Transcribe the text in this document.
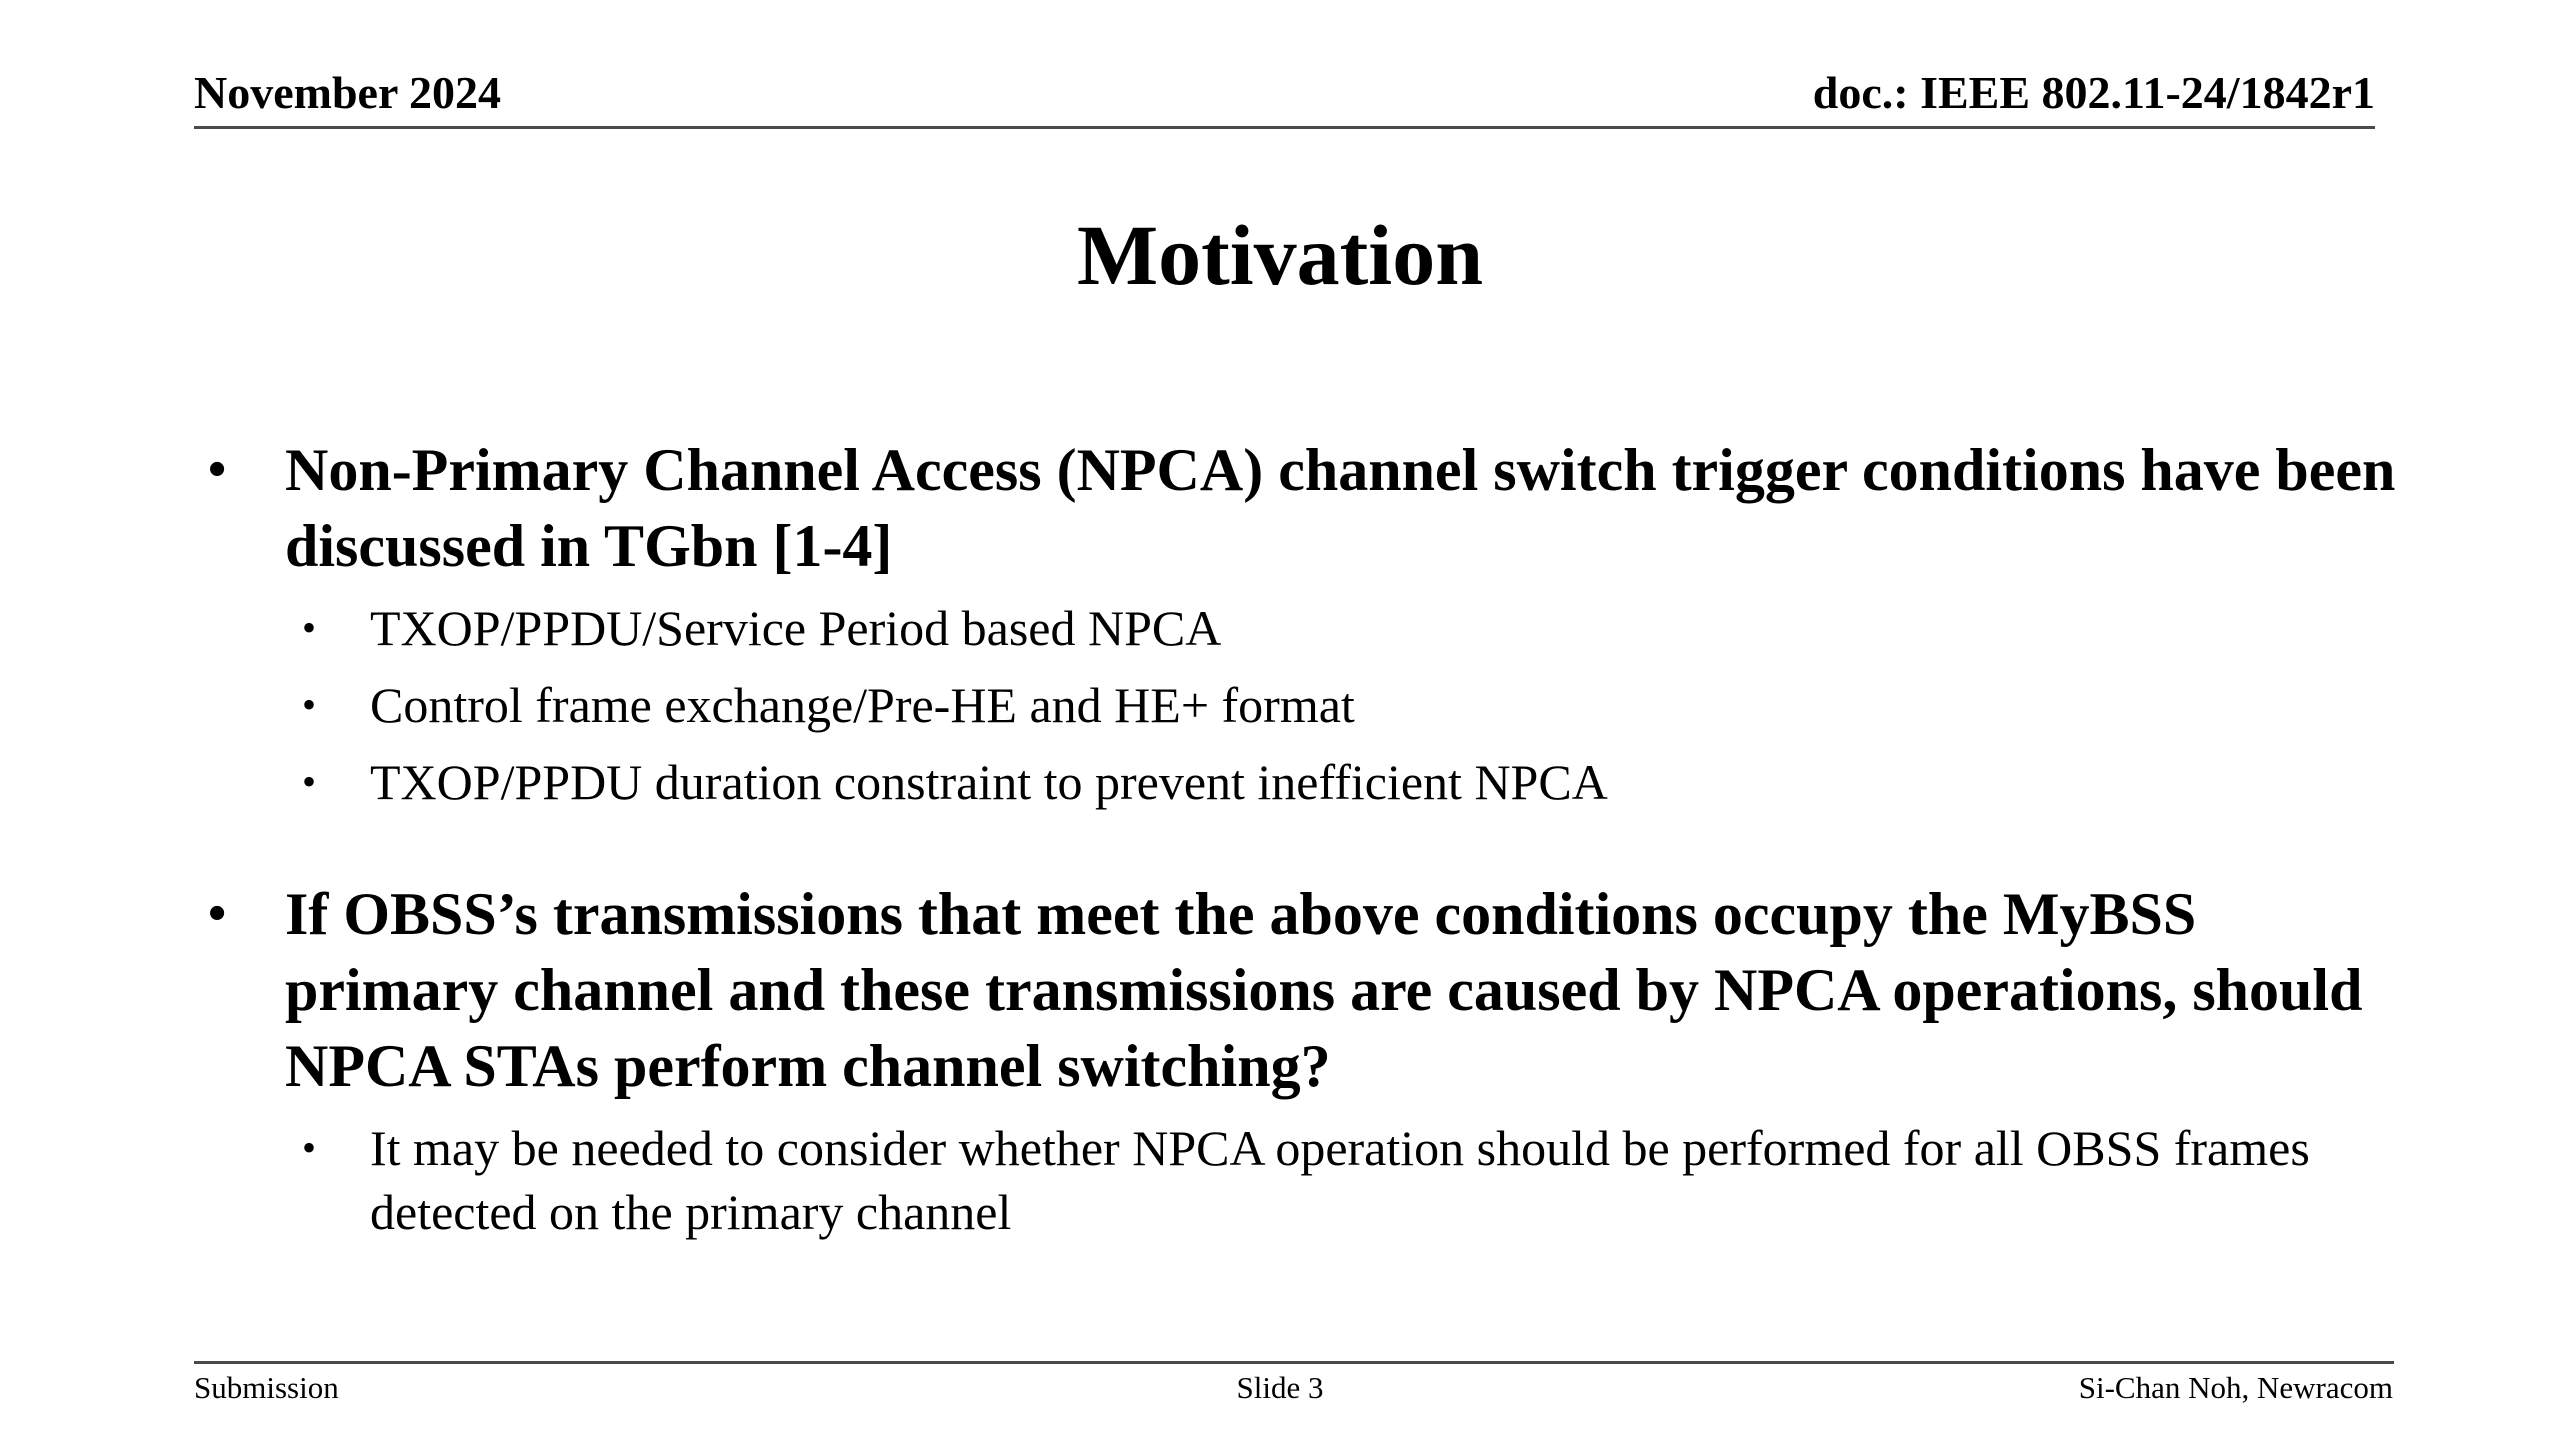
November 2024	doc.: IEEE 802.11-24/1842r1
Motivation
• Non-Primary Channel Access (NPCA) channel switch trigger conditions have been discussed in TGbn [1-4]
• TXOP/PPDU/Service Period based NPCA
• Control frame exchange/Pre-HE and HE+ format
• TXOP/PPDU duration constraint to prevent inefficient NPCA
• If OBSS’s transmissions that meet the above conditions occupy the MyBSS primary channel and these transmissions are caused by NPCA operations, should NPCA STAs perform channel switching?
• It may be needed to consider whether NPCA operation should be performed for all OBSS frames detected on the primary channel
Submission	Slide 3	Si-Chan Noh, Newracom
